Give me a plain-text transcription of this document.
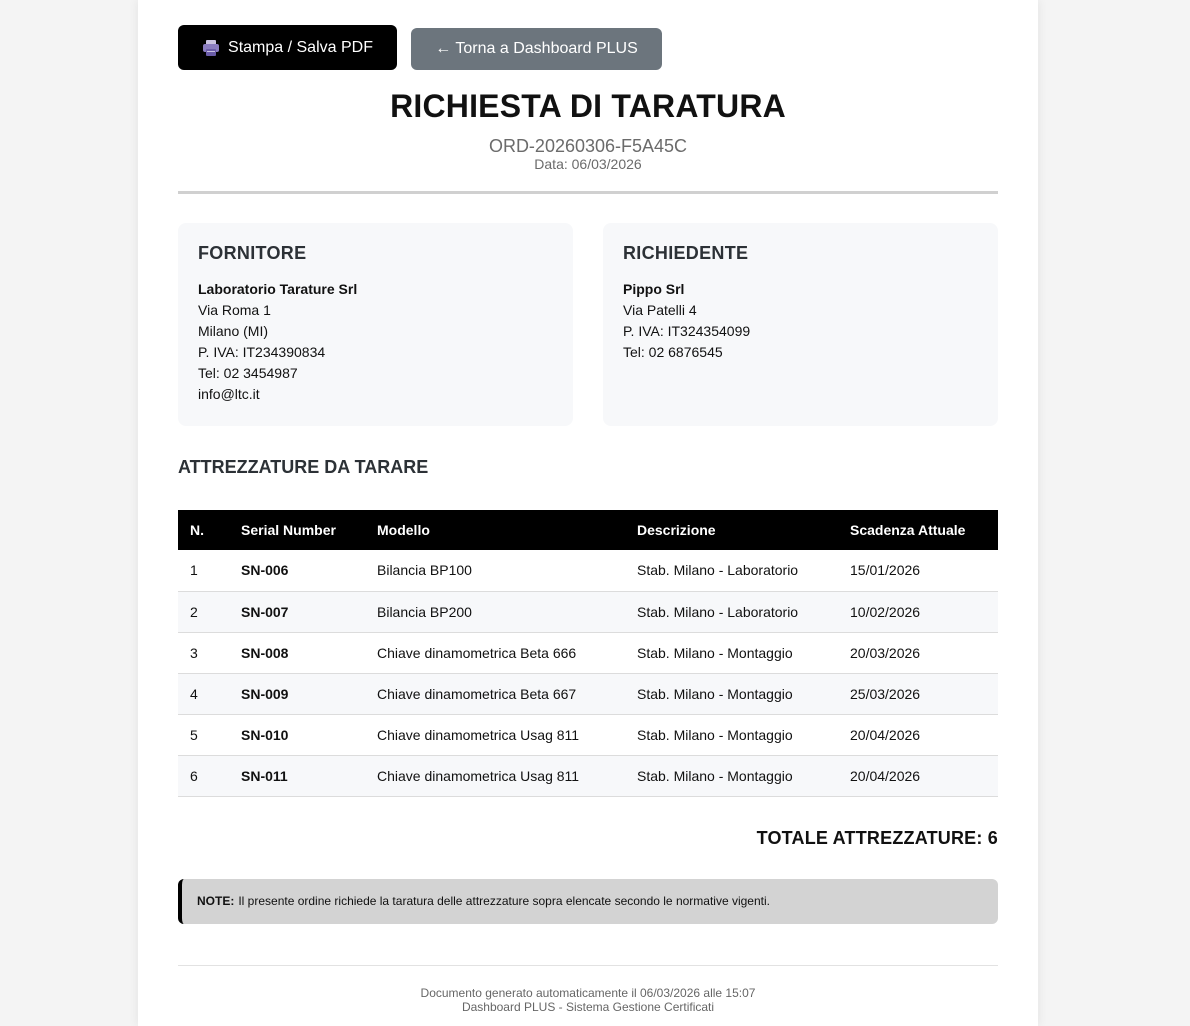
Stampa / Salva PDF	← Torna a Dashboard PLUS
RICHIESTA DI TARATURA
ORD-20260306-F5A45C
Data: 06/03/2026
FORNITORE
Laboratorio Tarature Srl
Via Roma 1
Milano (MI)
P. IVA: IT234390834
Tel: 02 3454987
info@ltc.it
RICHIEDENTE
Pippo Srl
Via Patelli 4
P. IVA: IT324354099
Tel: 02 6876545
ATTREZZATURE DA TARARE
N.	Serial Number	Modello	Descrizione	Scadenza Attuale
1	SN-006	Bilancia BP100	Stab. Milano - Laboratorio	15/01/2026
2	SN-007	Bilancia BP200	Stab. Milano - Laboratorio	10/02/2026
3	SN-008	Chiave dinamometrica Beta 666	Stab. Milano - Montaggio	20/03/2026
4	SN-009	Chiave dinamometrica Beta 667	Stab. Milano - Montaggio	25/03/2026
5	SN-010	Chiave dinamometrica Usag 811	Stab. Milano - Montaggio	20/04/2026
6	SN-011	Chiave dinamometrica Usag 811	Stab. Milano - Montaggio	20/04/2026
TOTALE ATTREZZATURE: 6
NOTE: Il presente ordine richiede la taratura delle attrezzature sopra elencate secondo le normative vigenti.
Documento generato automaticamente il 06/03/2026 alle 15:07
Dashboard PLUS - Sistema Gestione Certificati
